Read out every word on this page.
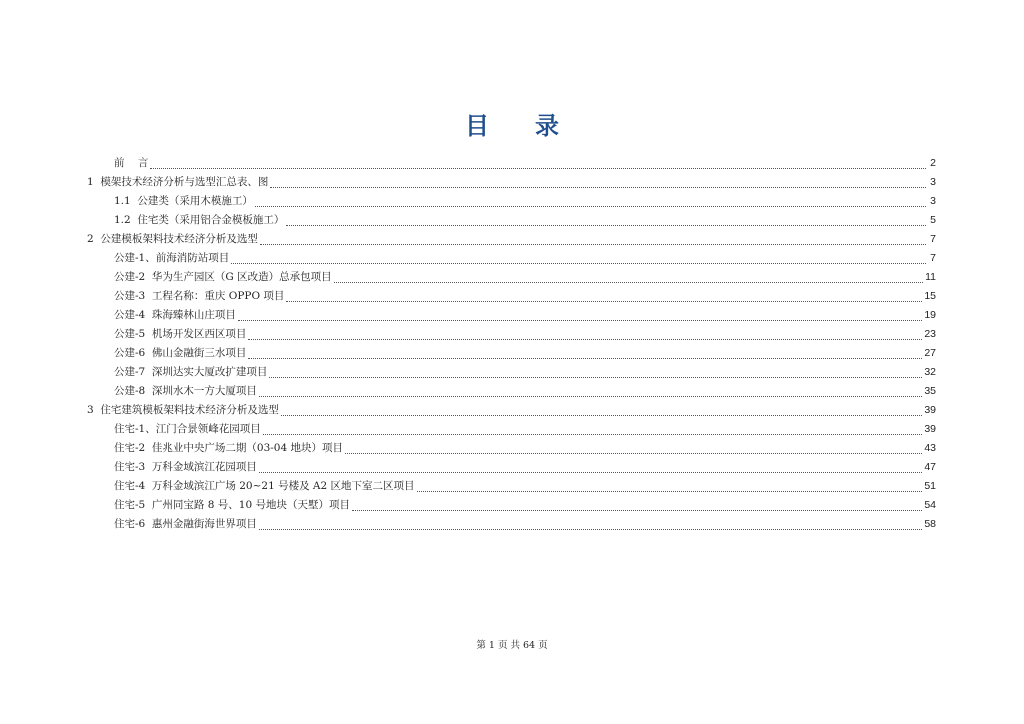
目 录
前    言	2
1  模架技术经济分析与选型汇总表、图	3
1.1  公建类（采用木模施工）	3
1.2  住宅类（采用铝合金模板施工）	5
2  公建模板架料技术经济分析及选型	7
公建-1、前海消防站项目	7
公建-2  华为生产园区（G 区改造）总承包项目	11
公建-3  工程名称：重庆 OPPO 项目	15
公建-4  珠海臻林山庄项目	19
公建-5  机场开发区西区项目	23
公建-6  佛山金融街三水项目	27
公建-7  深圳达实大厦改扩建项目	32
公建-8  深圳水木一方大厦项目	35
3  住宅建筑模板架料技术经济分析及选型	39
住宅-1、江门合景领峰花园项目	39
住宅-2  佳兆业中央广场二期（03-04 地块）项目	43
住宅-3  万科金域滨江花园项目	47
住宅-4  万科金域滨江广场 20~21 号楼及 A2 区地下室二区项目	51
住宅-5  广州同宝路 8 号、10 号地块（天墅）项目	54
住宅-6  惠州金融街海世界项目	58
第 1 页 共 64 页
